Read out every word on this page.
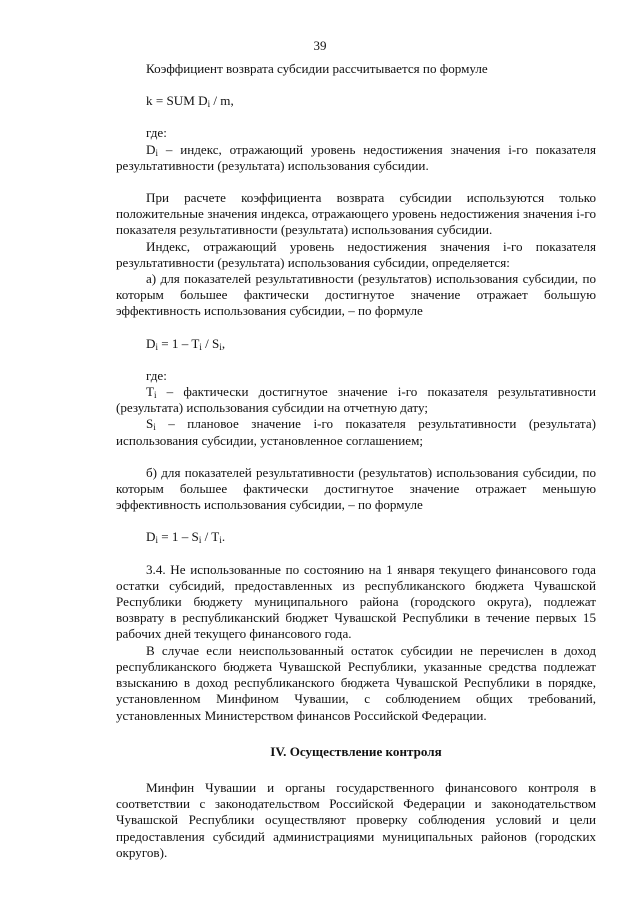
39

Коэффициент возврата субсидии рассчитывается по формуле

k = SUM $D_i$ / m,

где:

$D_i$ – индекс, отражающий уровень недостижения значения i-го показателя результативности (результата) использования субсидии.

При расчете коэффициента возврата субсидии используются только положительные значения индекса, отражающего уровень недостижения значения i-го показателя результативности (результата) использования субсидии.

Индекс, отражающий уровень недостижения значения i-го показателя результативности (результата) использования субсидии, определяется:

а) для показателей результативности (результатов) использования субсидии, по которым большее фактически достигнутое значение отражает большую эффективность использования субсидии, – по формуле

$D_i = 1 - T_i / S_i$,

где:

$T_i$ – фактически достигнутое значение i-го показателя результативности (результата) использования субсидии на отчетную дату;

$S_i$ – плановое значение i-го показателя результативности (результата) использования субсидии, установленное соглашением;

б) для показателей результативности (результатов) использования субсидии, по которым большее фактически достигнутое значение отражает меньшую эффективность использования субсидии, – по формуле

$D_i = 1 - S_i / T_i$.

3.4. Не использованные по состоянию на 1 января текущего финансового года остатки субсидий, предоставленных из республиканского бюджета Чувашской Республики бюджету муниципального района (городского округа), подлежат возврату в республиканский бюджет Чувашской Республики в течение первых 15 рабочих дней текущего финансового года.

В случае если неиспользованный остаток субсидии не перечислен в доход республиканского бюджета Чувашской Республики, указанные средства подлежат взысканию в доход республиканского бюджета Чувашской Республики в порядке, установленном Минфином Чувашии, с соблюдением общих требований, установленных Министерством финансов Российской Федерации.

IV. Осуществление контроля

Минфин Чувашии и органы государственного финансового контроля в соответствии с законодательством Российской Федерации и законодательством Чувашской Республики осуществляют проверку соблюдения условий и цели предоставления субсидий администрациями муниципальных районов (городских округов).
